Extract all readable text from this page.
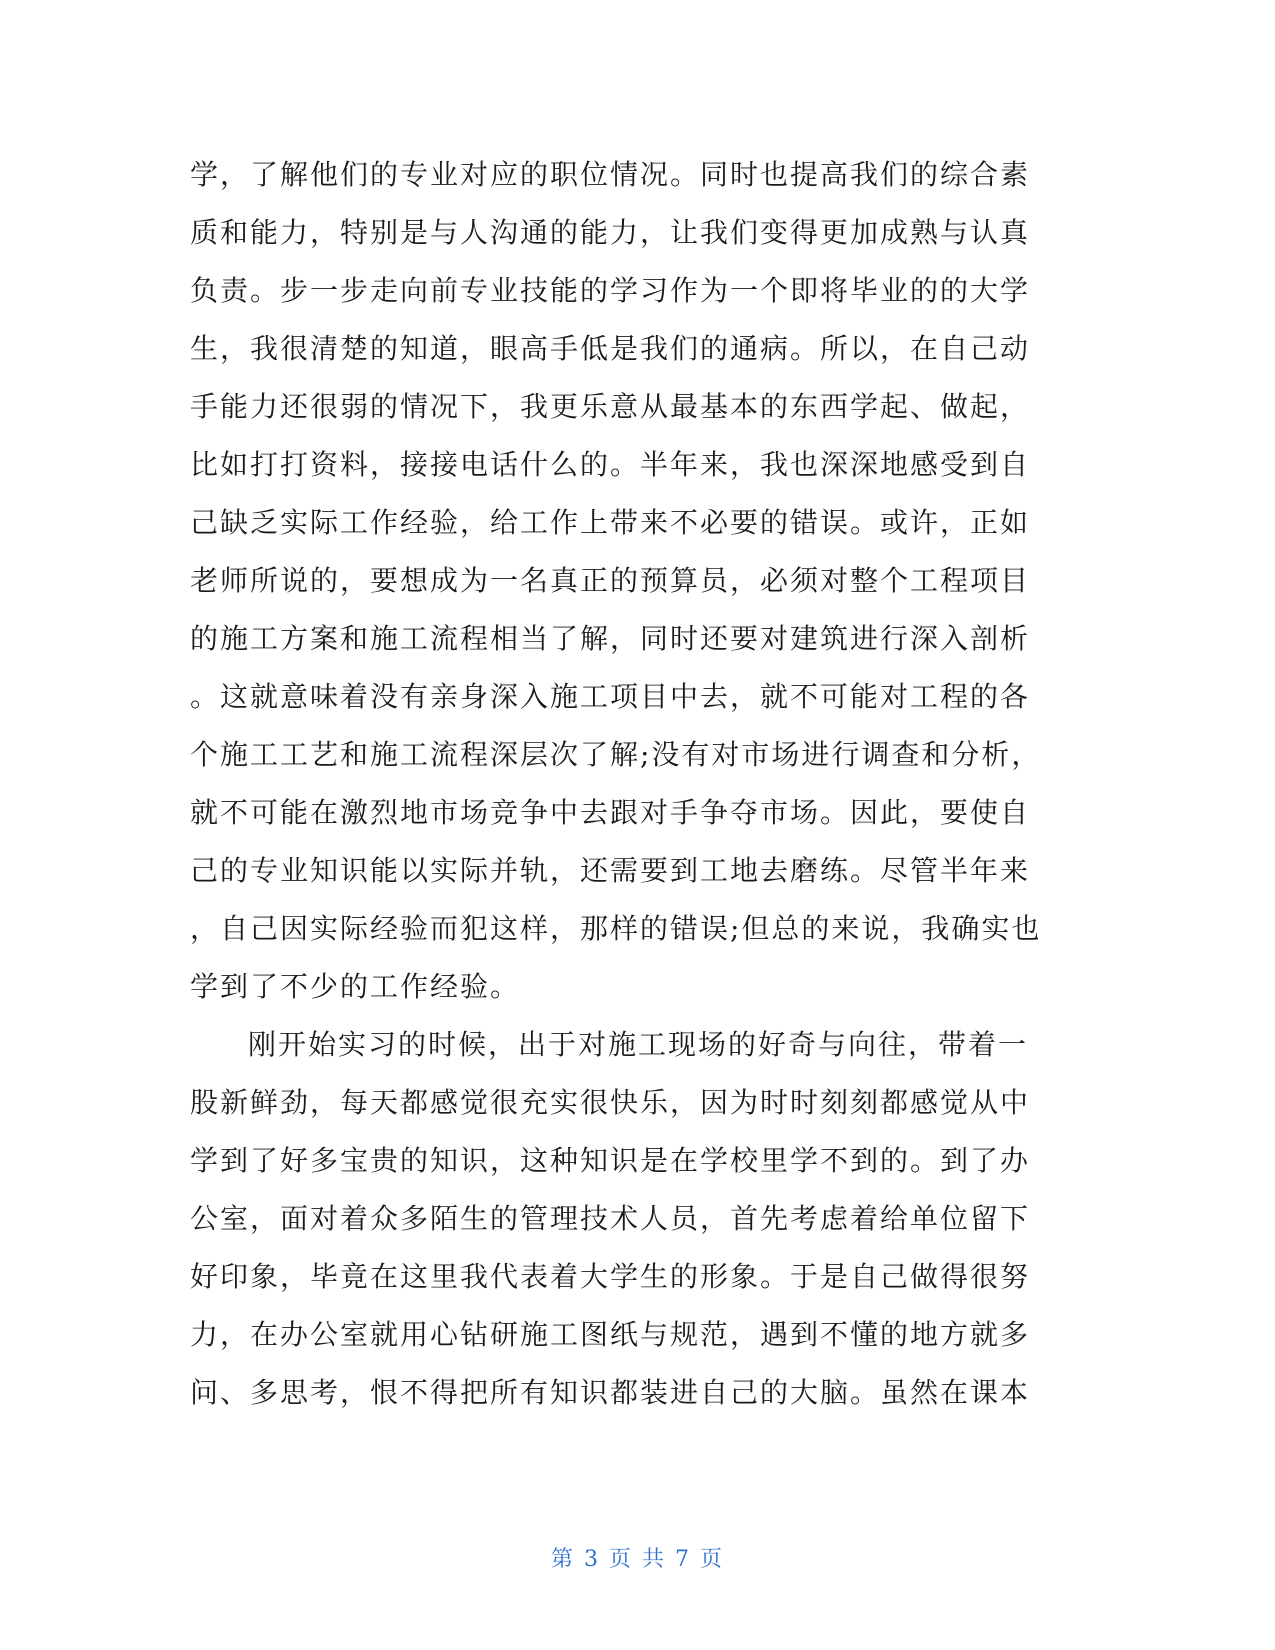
学，了解他们的专业对应的职位情况。同时也提高我们的综合素
质和能力，特别是与人沟通的能力，让我们变得更加成熟与认真
负责。步一步走向前专业技能的学习作为一个即将毕业的的大学
生，我很清楚的知道，眼高手低是我们的通病。所以，在自己动
手能力还很弱的情况下，我更乐意从最基本的东西学起、做起，
比如打打资料，接接电话什么的。半年来，我也深深地感受到自
己缺乏实际工作经验，给工作上带来不必要的错误。或许，正如
老师所说的，要想成为一名真正的预算员，必须对整个工程项目
的施工方案和施工流程相当了解，同时还要对建筑进行深入剖析
。这就意味着没有亲身深入施工项目中去，就不可能对工程的各
个施工工艺和施工流程深层次了解;没有对市场进行调查和分析，
就不可能在激烈地市场竞争中去跟对手争夺市场。因此，要使自
己的专业知识能以实际并轨，还需要到工地去磨练。尽管半年来
，自己因实际经验而犯这样，那样的错误;但总的来说，我确实也
学到了不少的工作经验。
刚开始实习的时候，出于对施工现场的好奇与向往，带着一
股新鲜劲，每天都感觉很充实很快乐，因为时时刻刻都感觉从中
学到了好多宝贵的知识，这种知识是在学校里学不到的。到了办
公室，面对着众多陌生的管理技术人员，首先考虑着给单位留下
好印象，毕竟在这里我代表着大学生的形象。于是自己做得很努
力，在办公室就用心钻研施工图纸与规范，遇到不懂的地方就多
问、多思考，恨不得把所有知识都装进自己的大脑。虽然在课本
第 3 页 共 7 页
